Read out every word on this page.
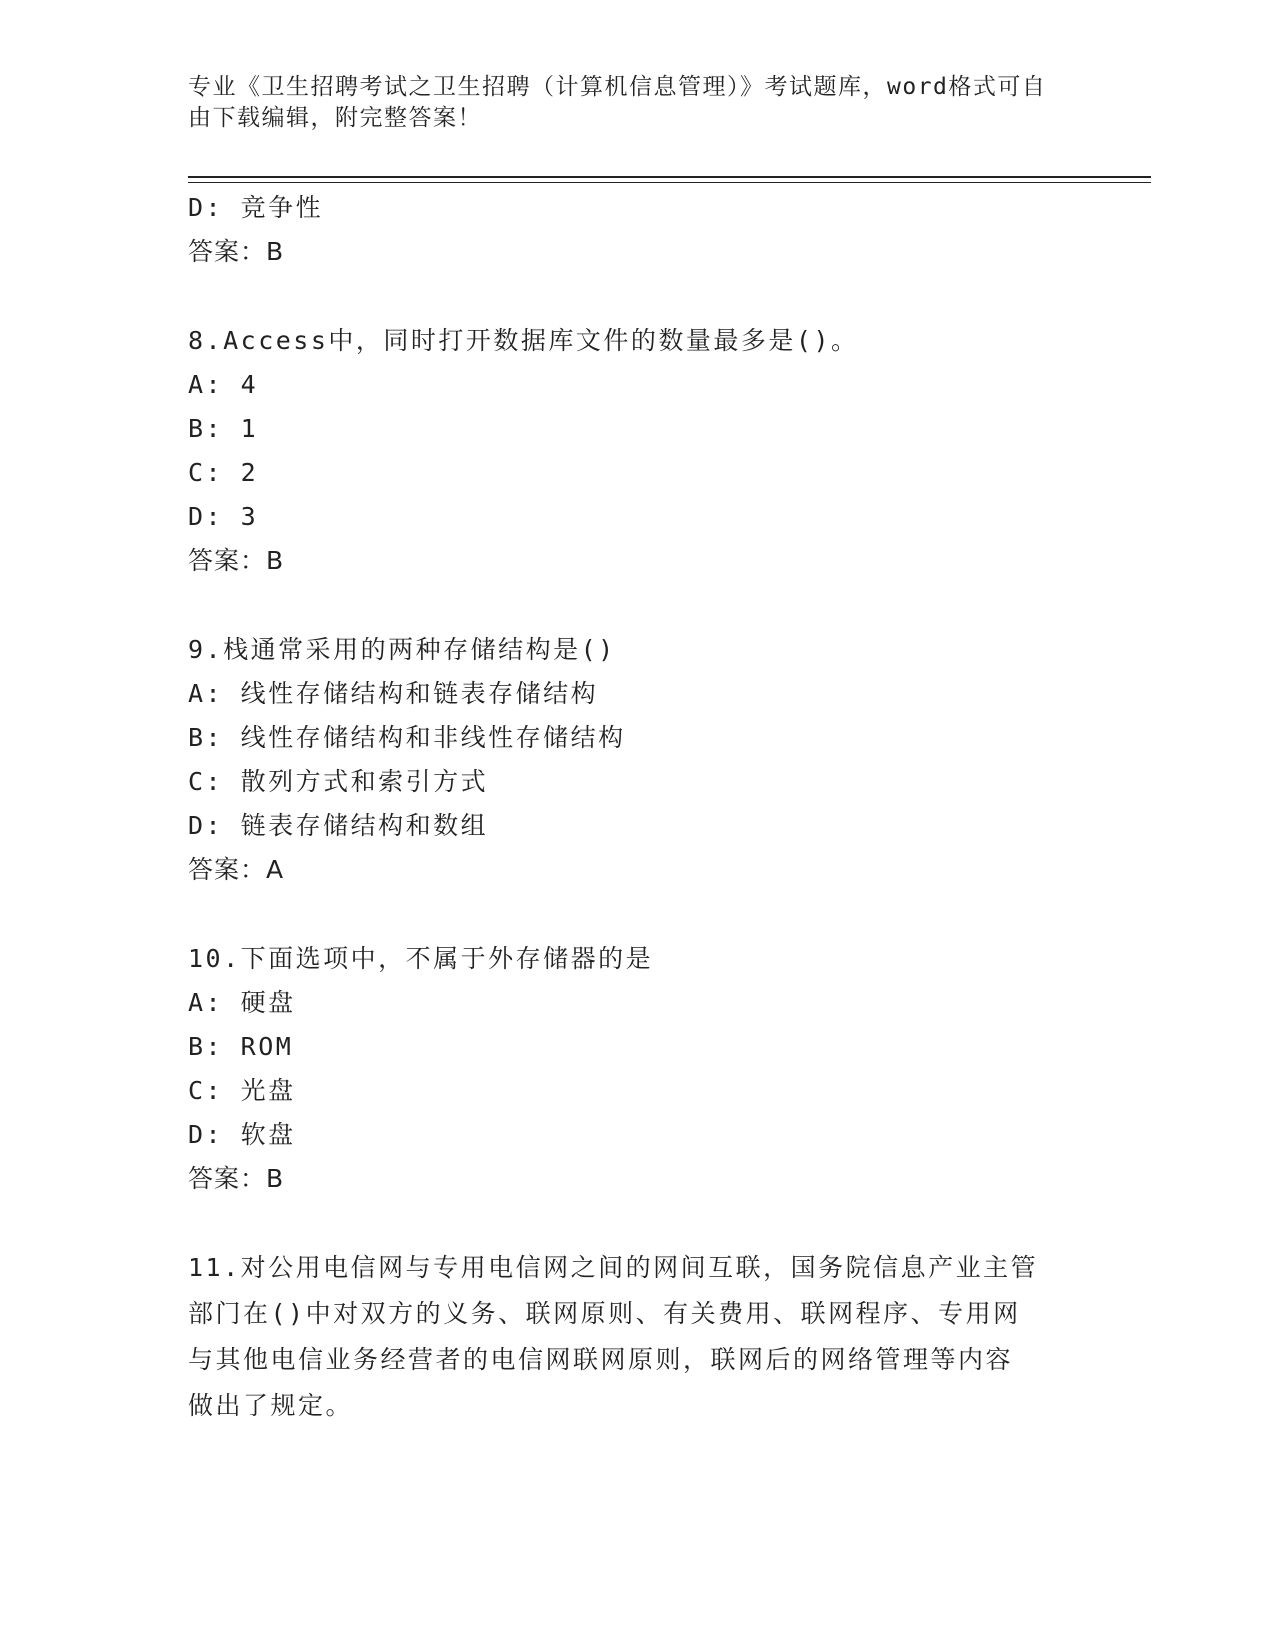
专业《卫生招聘考试之卫生招聘（计算机信息管理）》考试题库，word格式可自
由下载编辑，附完整答案！
D: 竞争性
答案：B
8.Access中，同时打开数据库文件的数量最多是()。
A: 4
B: 1
C: 2
D: 3
答案：B
9.栈通常采用的两种存储结构是()
A: 线性存储结构和链表存储结构
B: 线性存储结构和非线性存储结构
C: 散列方式和索引方式
D: 链表存储结构和数组
答案：A
10.下面选项中，不属于外存储器的是
A: 硬盘
B: ROM
C: 光盘
D: 软盘
答案：B
11.对公用电信网与专用电信网之间的网间互联，国务院信息产业主管
部门在()中对双方的义务、联网原则、有关费用、联网程序、专用网
与其他电信业务经营者的电信网联网原则，联网后的网络管理等内容
做出了规定。
